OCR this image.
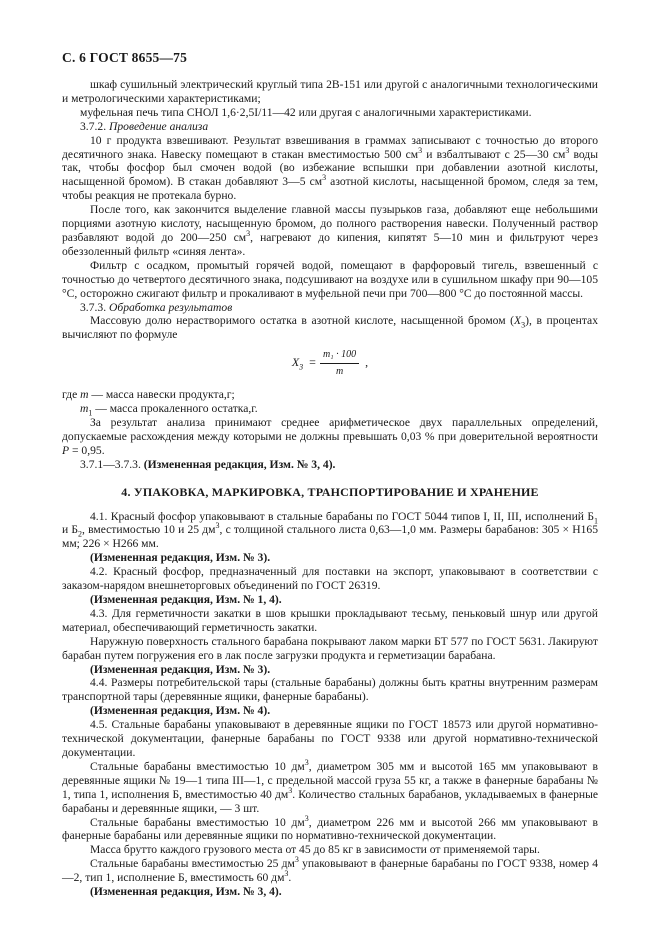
С. 6 ГОСТ 8655—75

шкаф сушильный электрический круглый типа 2В-151 или другой с аналогичными технологическими и метрологическими характеристиками;

муфельная печь типа СНОЛ 1,6·2,5I/11—42 или другая с аналогичными характеристиками.

3.7.2. Проведение анализа

10 г продукта взвешивают. Результат взвешивания в граммах записывают с точностью до второго десятичного знака. Навеску помещают в стакан вместимостью 500 $см^3$ и взбалтывают с 25—30 $см^3$ воды так, чтобы фосфор был смочен водой (во избежание вспышки при добавлении азотной кислоты, насыщенной бромом). В стакан добавляют 3—5 $см^3$ азотной кислоты, насыщенной бромом, следя за тем, чтобы реакция не протекала бурно.

После того, как закончится выделение главной массы пузырьков газа, добавляют еще небольшими порциями азотную кислоту, насыщенную бромом, до полного растворения навески. Полученный раствор разбавляют водой до 200—250 $см^3$, нагревают до кипения, кипятят 5—10 мин и фильтруют через обеззоленный фильтр «синяя лента».

Фильтр с осадком, промытый горячей водой, помещают в фарфоровый тигель, взвешенный с точностью до четвертого десятичного знака, подсушивают на воздухе или в сушильном шкафу при 90—105 °С, осторожно сжигают фильтр и прокаливают в муфельной печи при 700—800 °С до постоянной массы.

3.7.3. Обработка результатов

Массовую долю нерастворимого остатка в азотной кислоте, насыщенной бромом $(X_3)$, в процентах вычисляют по формуле

$X_3 = \frac{\text{m₁ · 100}}{m}$ ,

где m — масса навески продукта,г;

$m_1$ — масса прокаленного остатка,г.

За результат анализа принимают среднее арифметическое двух параллельных определений, допускаемые расхождения между которыми не должны превышать 0,03 % при доверительной вероятности P = 0,95.

3.7.1—3.7.3. (Измененная редакция, Изм. № 3, 4).

4. УПАКОВКА, МАРКИРОВКА, ТРАНСПОРТИРОВАНИЕ И ХРАНЕНИЕ

4.1. Красный фосфор упаковывают в стальные барабаны по ГОСТ 5044 типов I, II, III, исполнений $Б_1$ и $Б_2$, вместимостью 10 и 25 $дм^3$, с толщиной стального листа 0,63—1,0 мм. Размеры барабанов: 305 × Н165 мм; 226 × Н266 мм.

(Измененная редакция, Изм. № 3).

4.2. Красный фосфор, предназначенный для поставки на экспорт, упаковывают в соответствии с заказом-нарядом внешнеторговых объединений по ГОСТ 26319.

(Измененная редакция, Изм. № 1, 4).

4.3. Для герметичности закатки в шов крышки прокладывают тесьму, пеньковый шнур или другой материал, обеспечивающий герметичность закатки.

Наружную поверхность стального барабана покрывают лаком марки БТ 577 по ГОСТ 5631. Лакируют барабан путем погружения его в лак после загрузки продукта и герметизации барабана.

(Измененная редакция, Изм. № 3).

4.4. Размеры потребительской тары (стальные барабаны) должны быть кратны внутренним размерам транспортной тары (деревянные ящики, фанерные барабаны).

(Измененная редакция, Изм. № 4).

4.5. Стальные барабаны упаковывают в деревянные ящики по ГОСТ 18573 или другой нормативно-технической документации, фанерные барабаны по ГОСТ 9338 или другой нормативно-технической документации.

Стальные барабаны вместимостью 10 $дм^3$, диаметром 305 мм и высотой 165 мм упаковывают в деревянные ящики № 19—1 типа III—1, с предельной массой груза 55 кг, а также в фанерные барабаны № 1, типа 1, исполнения Б, вместимостью 40 $дм^3$. Количество стальных барабанов, укладываемых в фанерные барабаны и деревянные ящики, — 3 шт.

Стальные барабаны вместимостью 10 $дм^3$, диаметром 226 мм и высотой 266 мм упаковывают в фанерные барабаны или деревянные ящики по нормативно-технической документации.

Масса брутто каждого грузового места от 45 до 85 кг в зависимости от применяемой тары.

Стальные барабаны вместимостью 25 $дм^3$ упаковывают в фанерные барабаны по ГОСТ 9338, номер 4—2, тип 1, исполнение Б, вместимость 60 $дм^3$.

(Измененная редакция, Изм. № 3, 4).
